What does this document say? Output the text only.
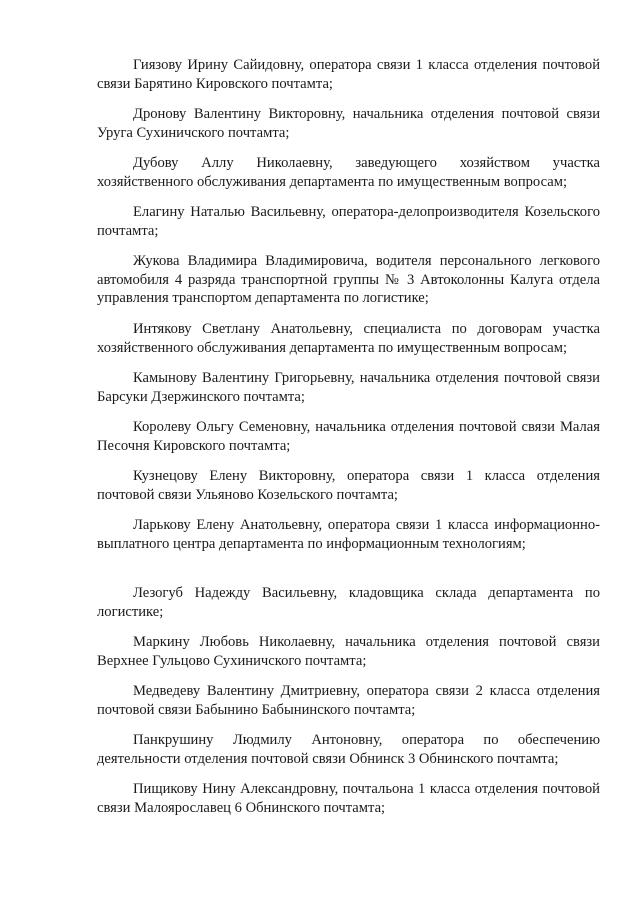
Гиязову Ирину Сайидовну, оператора связи 1 класса отделения почтовой связи Барятино Кировского почтамта;

Дронову Валентину Викторовну, начальника отделения почтовой связи Уруга Сухиничского почтамта;

Дубову Аллу Николаевну, заведующего хозяйством участка хозяйственного обслуживания департамента по имущественным вопросам;

Елагину Наталью Васильевну, оператора-делопроизводителя Козельского почтамта;

Жукова Владимира Владимировича, водителя персонального легкового автомобиля 4 разряда транспортной группы № 3 Автоколонны Калуга отдела управления транспортом департамента по логистике;

Интякову Светлану Анатольевну, специалиста по договорам участка хозяйственного обслуживания департамента по имущественным вопросам;

Камынову Валентину Григорьевну, начальника отделения почтовой связи Барсуки Дзержинского почтамта;

Королеву Ольгу Семеновну, начальника отделения почтовой связи Малая Песочня Кировского почтамта;

Кузнецову Елену Викторовну, оператора связи 1 класса отделения почтовой связи Ульяново Козельского почтамта;

Ларькову Елену Анатольевну, оператора связи 1 класса информационно-выплатного центра департамента по информационным технологиям;

Лезогуб Надежду Васильевну, кладовщика склада департамента по логистике;

Маркину Любовь Николаевну, начальника отделения почтовой связи Верхнее Гульцово Сухиничского почтамта;

Медведеву Валентину Дмитриевну, оператора связи 2 класса отделения почтовой связи Бабынино Бабынинского почтамта;

Панкрушину Людмилу Антоновну, оператора по обеспечению деятельности отделения почтовой связи Обнинск 3 Обнинского почтамта;

Пищикову Нину Александровну, почтальона 1 класса отделения почтовой связи Малоярославец 6 Обнинского почтамта;
